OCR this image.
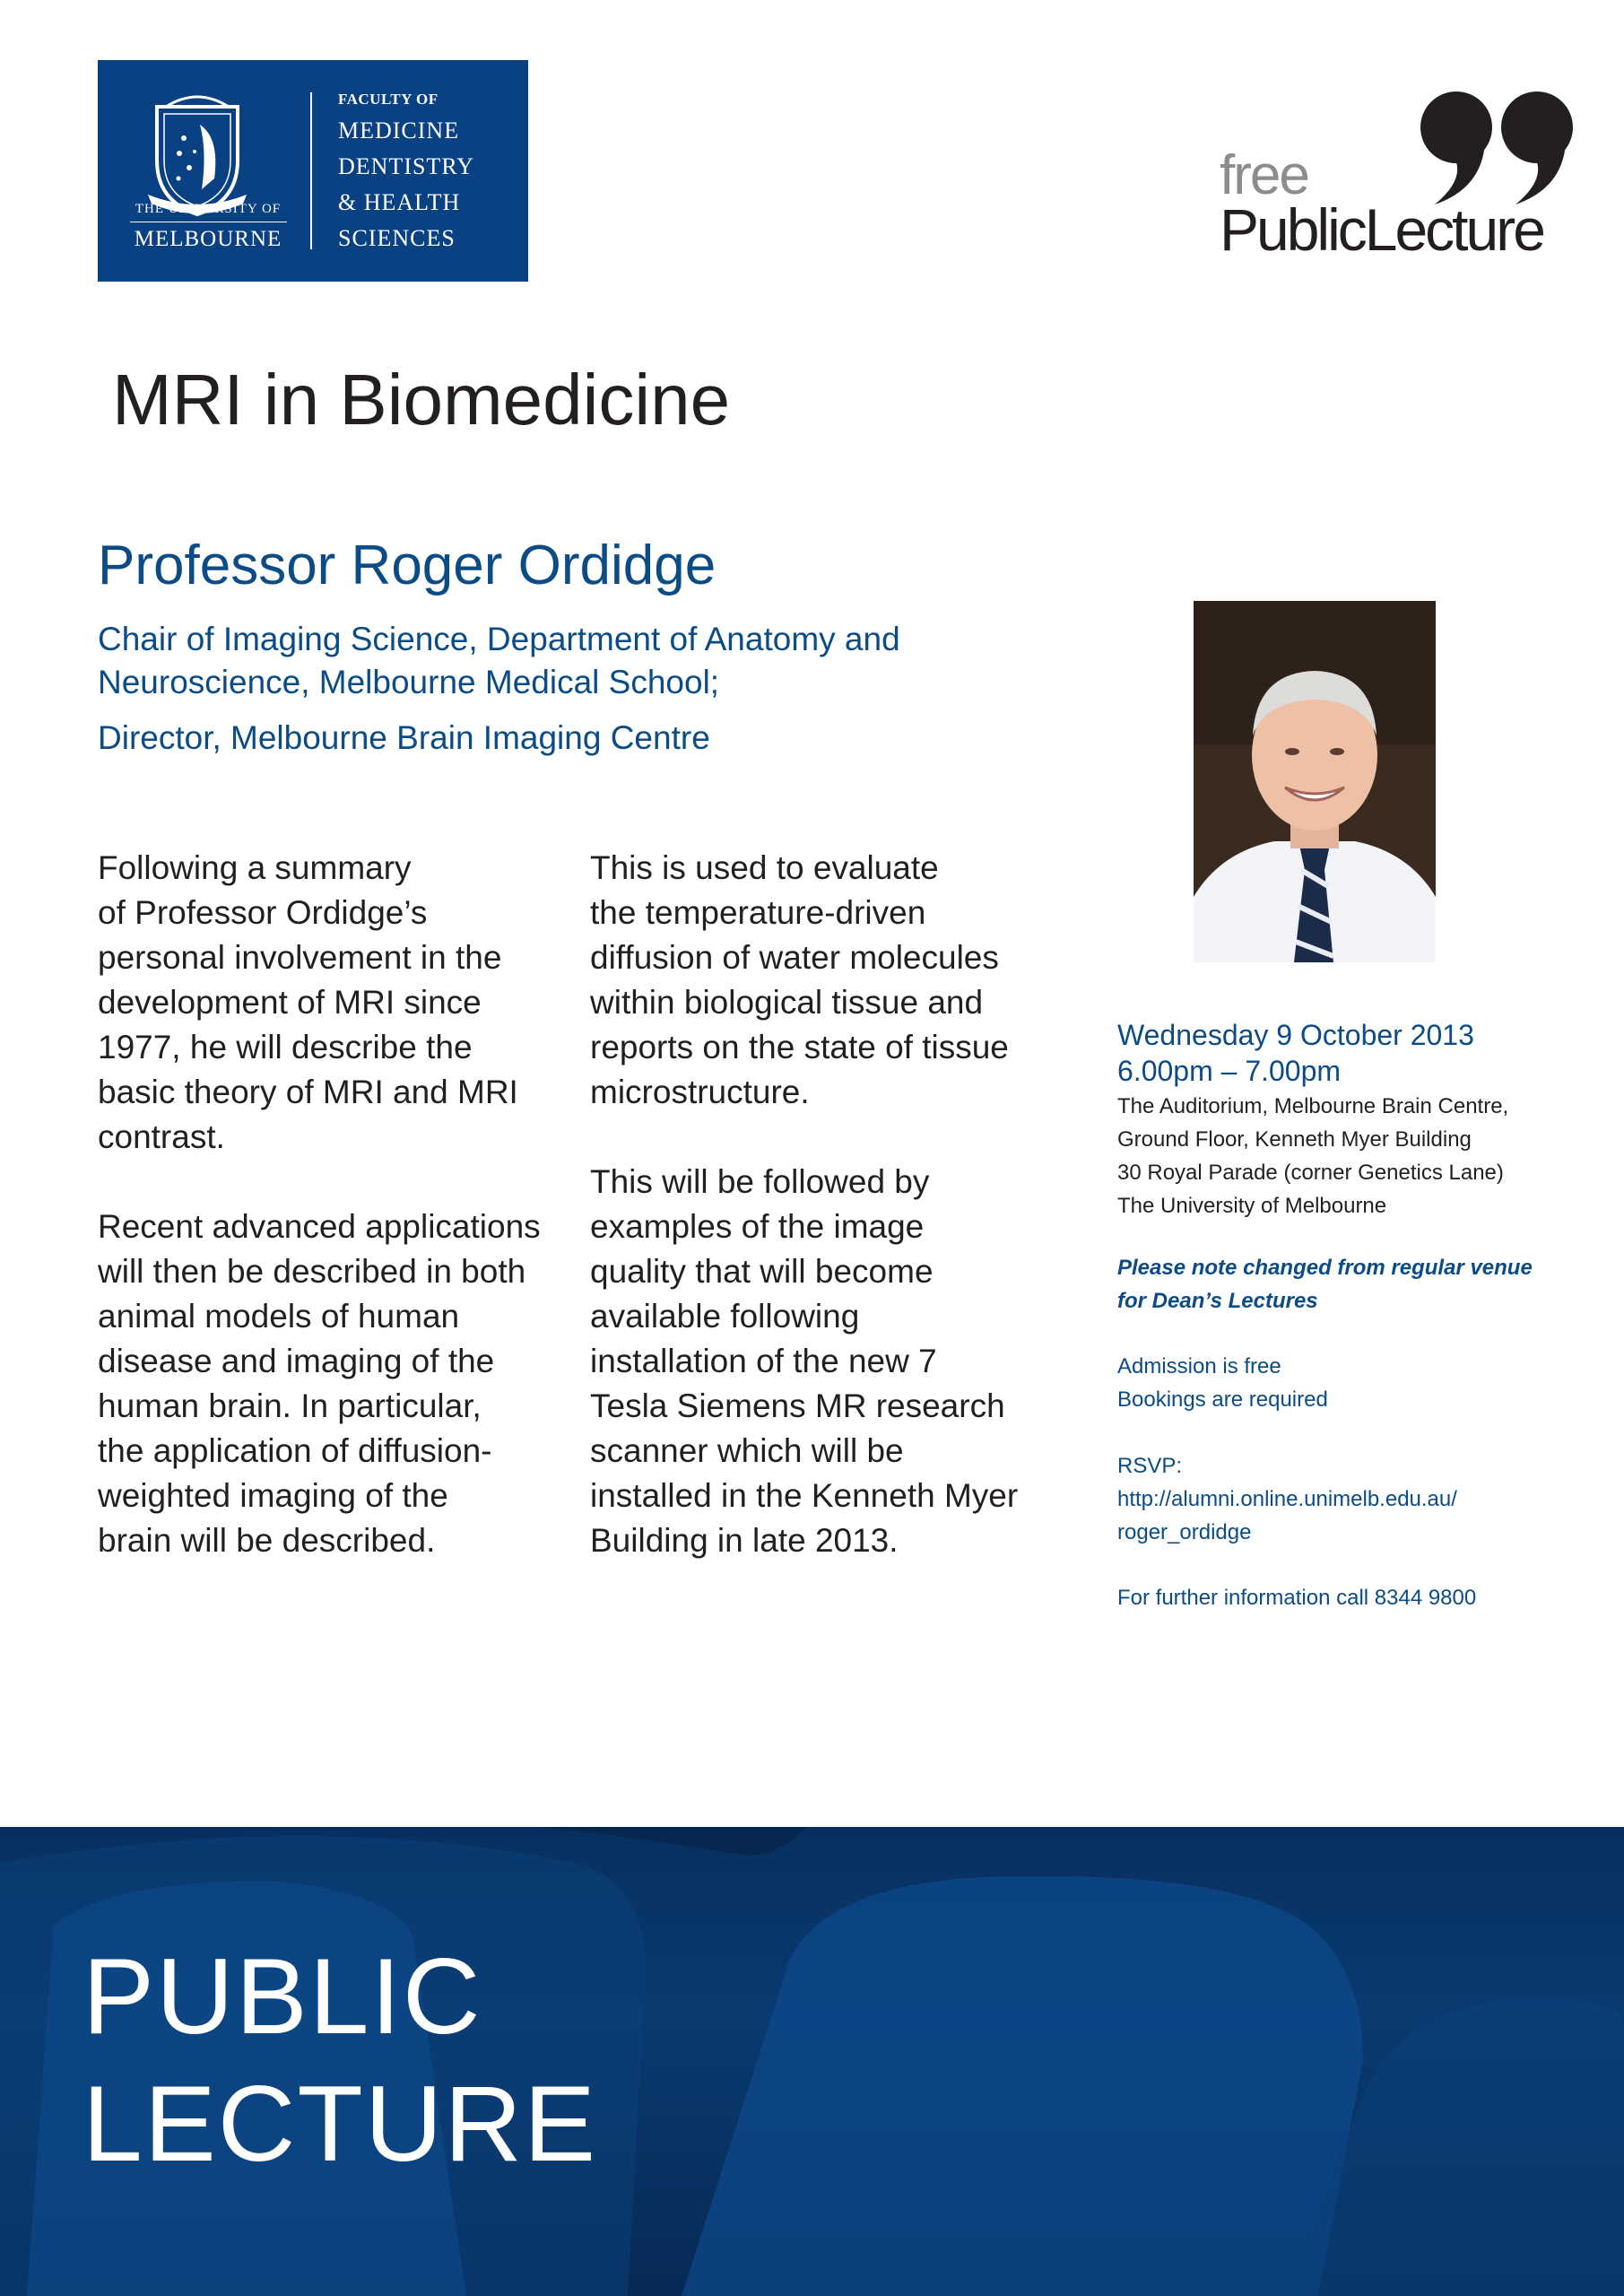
THE UNIVERSITY OF
MELBOURNE
FACULTY OF
MEDICINE
DENTISTRY
& HEALTH
SCIENCES
free
PublicLecture
MRI in Biomedicine
Professor Roger Ordidge
Chair of Imaging Science, Department of Anatomy and
Neuroscience, Melbourne Medical School;
Director, Melbourne Brain Imaging Centre
Following a summary
of Professor Ordidge’s
personal involvement in the
development of MRI since
1977, he will describe the
basic theory of MRI and MRI
contrast.
Recent advanced applications
will then be described in both
animal models of human
disease and imaging of the
human brain. In particular,
the application of diffusion-
weighted imaging of the
brain will be described.
This is used to evaluate
the temperature-driven
diffusion of water molecules
within biological tissue and
reports on the state of tissue
microstructure.
This will be followed by
examples of the image
quality that will become
available following
installation of the new 7
Tesla Siemens MR research
scanner which will be
installed in the Kenneth Myer
Building in late 2013.
Wednesday 9 October 2013
6.00pm – 7.00pm
The Auditorium, Melbourne Brain Centre,
Ground Floor, Kenneth Myer Building
30 Royal Parade (corner Genetics Lane)
The University of Melbourne
Please note changed from regular venue
for Dean’s Lectures
Admission is free
Bookings are required
RSVP:
http://alumni.online.unimelb.edu.au/
roger_ordidge
For further information call 8344 9800
PUBLIC
LECTURE
